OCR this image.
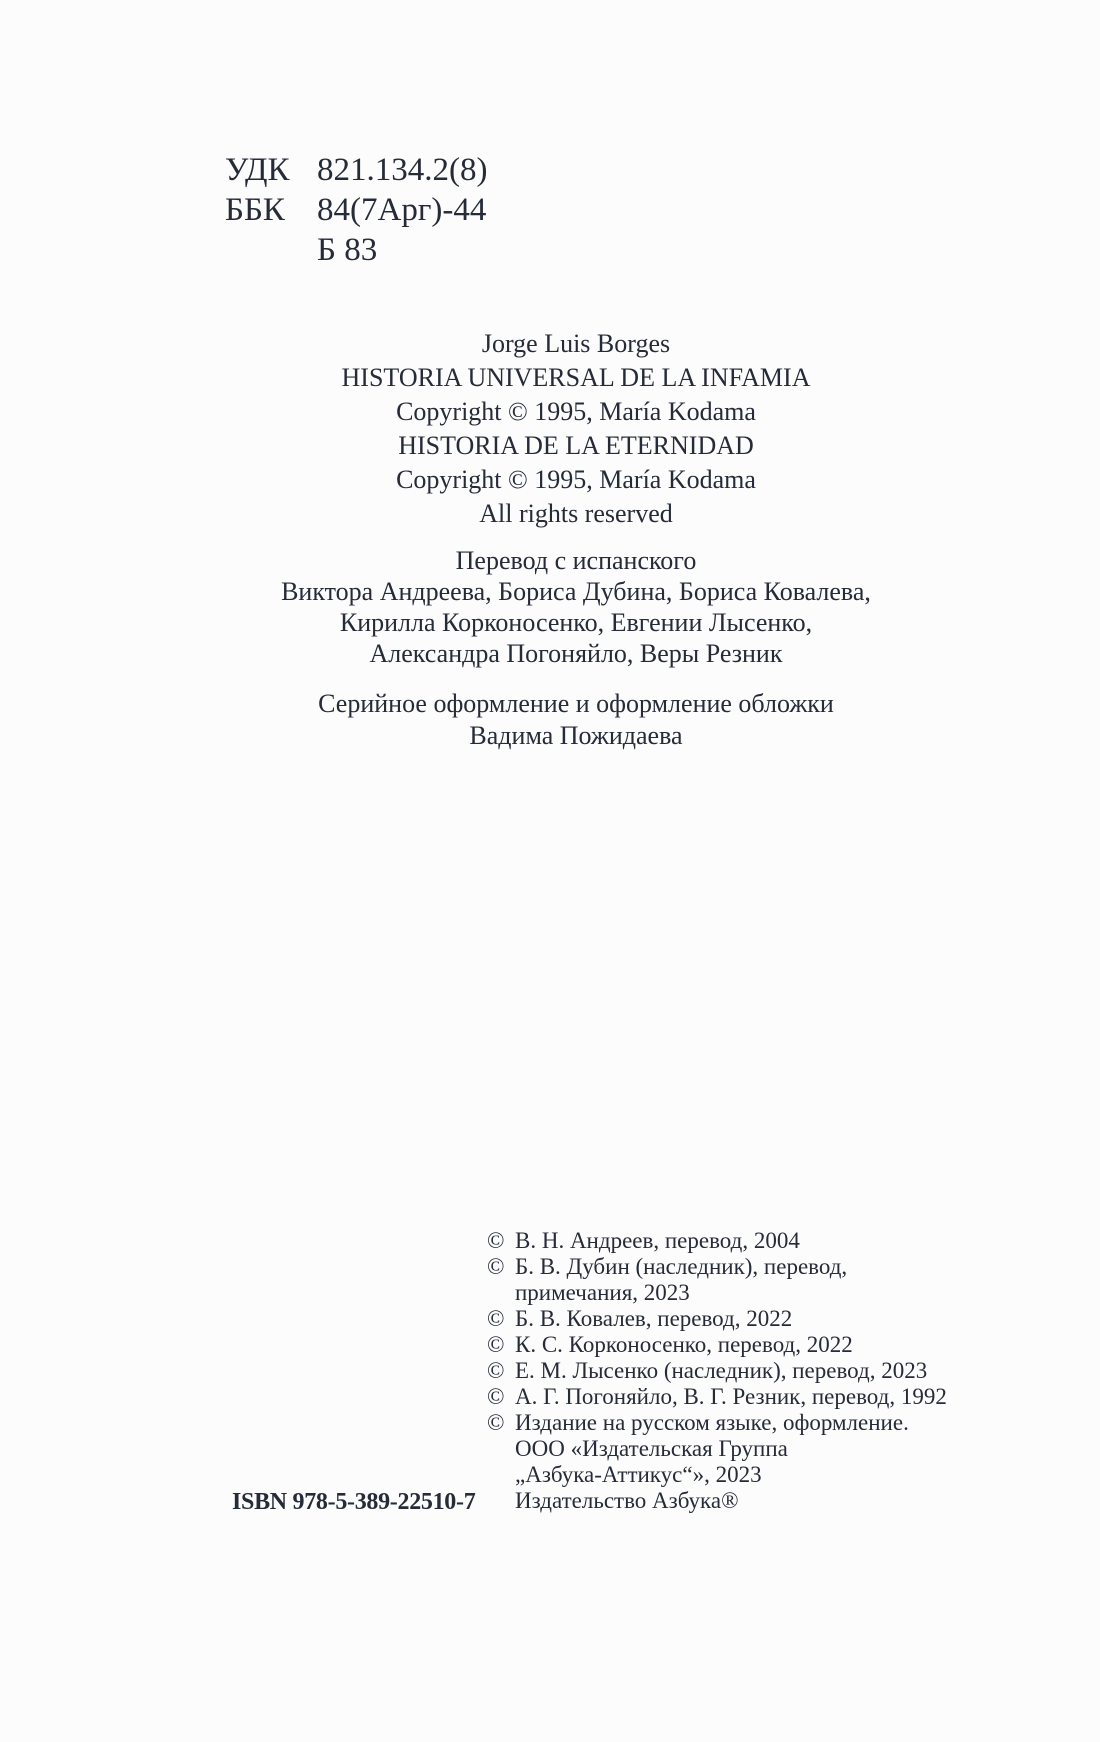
УДК 821.134.2(8)
ББК 84(7Арг)-44
Б 83
Jorge Luis Borges
HISTORIA UNIVERSAL DE LA INFAMIA
Copyright © 1995, María Kodama
HISTORIA DE LA ETERNIDAD
Copyright © 1995, María Kodama
All rights reserved
Перевод с испанского
Виктора Андреева, Бориса Дубина, Бориса Ковалева,
Кирилла Корконосенко, Евгении Лысенко,
Александра Погоняйло, Веры Резник
Серийное оформление и оформление обложки
Вадима Пожидаева
© В. Н. Андреев, перевод, 2004
© Б. В. Дубин (наследник), перевод,
примечания, 2023
© Б. В. Ковалев, перевод, 2022
© К. С. Корконосенко, перевод, 2022
© Е. М. Лысенко (наследник), перевод, 2023
© А. Г. Погоняйло, В. Г. Резник, перевод, 1992
© Издание на русском языке, оформление.
ООО «Издательская Группа
„Азбука-Аттикус“», 2023
Издательство Азбука®
ISBN 978-5-389-22510-7
